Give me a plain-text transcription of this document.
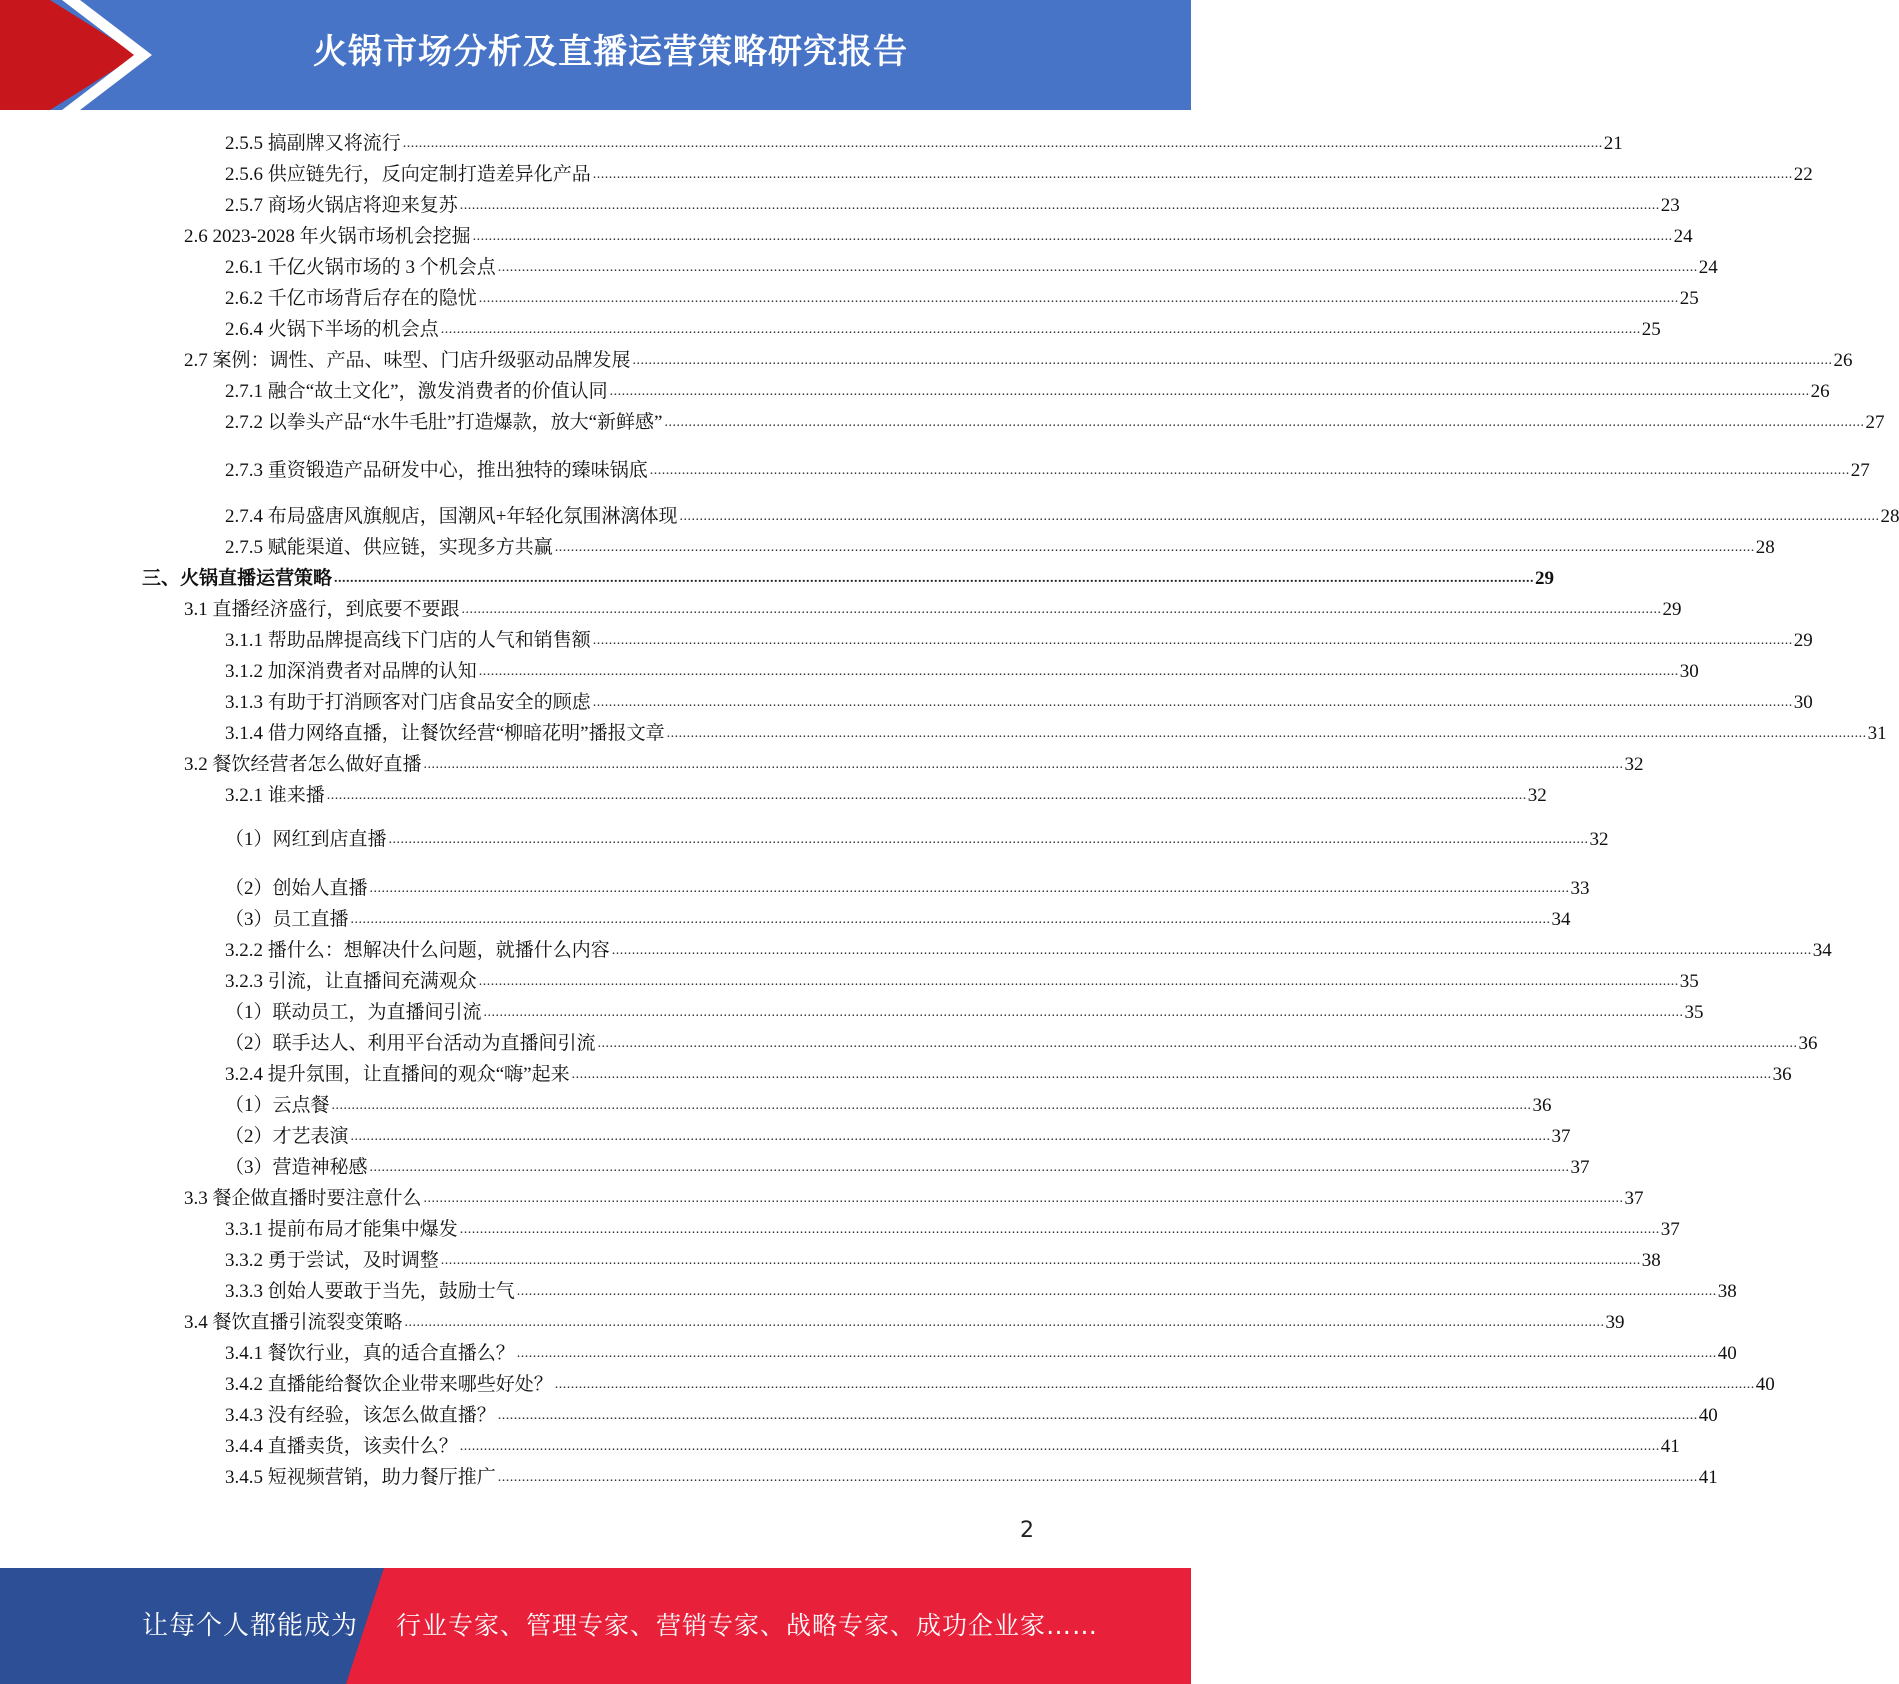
火锅市场分析及直播运营策略研究报告
2.5.5 搞副牌又将流行 ............................................................................................................................................................................................................................................................................................................ 21
2.5.6 供应链先行，反向定制打造差异化产品 ............................................................................................................................................................................................................................................................................................................ 22
2.5.7 商场火锅店将迎来复苏 ............................................................................................................................................................................................................................................................................................................ 23
2.6 2023-2028 年火锅市场机会挖掘 ............................................................................................................................................................................................................................................................................................................ 24
2.6.1 千亿火锅市场的 3 个机会点 ............................................................................................................................................................................................................................................................................................................ 24
2.6.2 千亿市场背后存在的隐忧 ............................................................................................................................................................................................................................................................................................................ 25
2.6.4 火锅下半场的机会点 ............................................................................................................................................................................................................................................................................................................ 25
2.7 案例：调性、产品、味型、门店升级驱动品牌发展 ............................................................................................................................................................................................................................................................................................................ 26
2.7.1 融合“故土文化”，激发消费者的价值认同 ............................................................................................................................................................................................................................................................................................................ 26
2.7.2 以拳头产品“水牛毛肚”打造爆款，放大“新鲜感” ............................................................................................................................................................................................................................................................................................................ 27
2.7.3 重资锻造产品研发中心，推出独特的臻味锅底 ............................................................................................................................................................................................................................................................................................................ 27
2.7.4 布局盛唐风旗舰店，国潮风+年轻化氛围淋漓体现 ............................................................................................................................................................................................................................................................................................................ 28
2.7.5 赋能渠道、供应链，实现多方共赢 ............................................................................................................................................................................................................................................................................................................ 28
三、火锅直播运营策略 ............................................................................................................................................................................................................................................................................................................ 29
3.1 直播经济盛行，到底要不要跟 ............................................................................................................................................................................................................................................................................................................ 29
3.1.1 帮助品牌提高线下门店的人气和销售额 ............................................................................................................................................................................................................................................................................................................ 29
3.1.2 加深消费者对品牌的认知 ............................................................................................................................................................................................................................................................................................................ 30
3.1.3 有助于打消顾客对门店食品安全的顾虑 ............................................................................................................................................................................................................................................................................................................ 30
3.1.4 借力网络直播，让餐饮经营“柳暗花明”播报文章 ............................................................................................................................................................................................................................................................................................................ 31
3.2 餐饮经营者怎么做好直播 ............................................................................................................................................................................................................................................................................................................ 32
3.2.1 谁来播 ............................................................................................................................................................................................................................................................................................................ 32
（1）网红到店直播 ............................................................................................................................................................................................................................................................................................................ 32
（2）创始人直播 ............................................................................................................................................................................................................................................................................................................ 33
（3）员工直播 ............................................................................................................................................................................................................................................................................................................ 34
3.2.2 播什么：想解决什么问题，就播什么内容 ............................................................................................................................................................................................................................................................................................................ 34
3.2.3 引流，让直播间充满观众 ............................................................................................................................................................................................................................................................................................................ 35
（1）联动员工，为直播间引流 ............................................................................................................................................................................................................................................................................................................ 35
（2）联手达人、利用平台活动为直播间引流 ............................................................................................................................................................................................................................................................................................................ 36
3.2.4 提升氛围，让直播间的观众“嗨”起来 ............................................................................................................................................................................................................................................................................................................ 36
（1）云点餐 ............................................................................................................................................................................................................................................................................................................ 36
（2）才艺表演 ............................................................................................................................................................................................................................................................................................................ 37
（3）营造神秘感 ............................................................................................................................................................................................................................................................................................................ 37
3.3 餐企做直播时要注意什么 ............................................................................................................................................................................................................................................................................................................ 37
3.3.1 提前布局才能集中爆发 ............................................................................................................................................................................................................................................................................................................ 37
3.3.2 勇于尝试，及时调整 ............................................................................................................................................................................................................................................................................................................ 38
3.3.3 创始人要敢于当先，鼓励士气 ............................................................................................................................................................................................................................................................................................................ 38
3.4 餐饮直播引流裂变策略 ............................................................................................................................................................................................................................................................................................................ 39
3.4.1 餐饮行业，真的适合直播么？ ............................................................................................................................................................................................................................................................................................................ 40
3.4.2 直播能给餐饮企业带来哪些好处？ ............................................................................................................................................................................................................................................................................................................ 40
3.4.3 没有经验，该怎么做直播？ ............................................................................................................................................................................................................................................................................................................ 40
3.4.4 直播卖货，该卖什么？ ............................................................................................................................................................................................................................................................................................................ 41
3.4.5 短视频营销，助力餐厅推广 ............................................................................................................................................................................................................................................................................................................ 41
2
让每个人都能成为 行业专家、管理专家、营销专家、战略专家、成功企业家……
